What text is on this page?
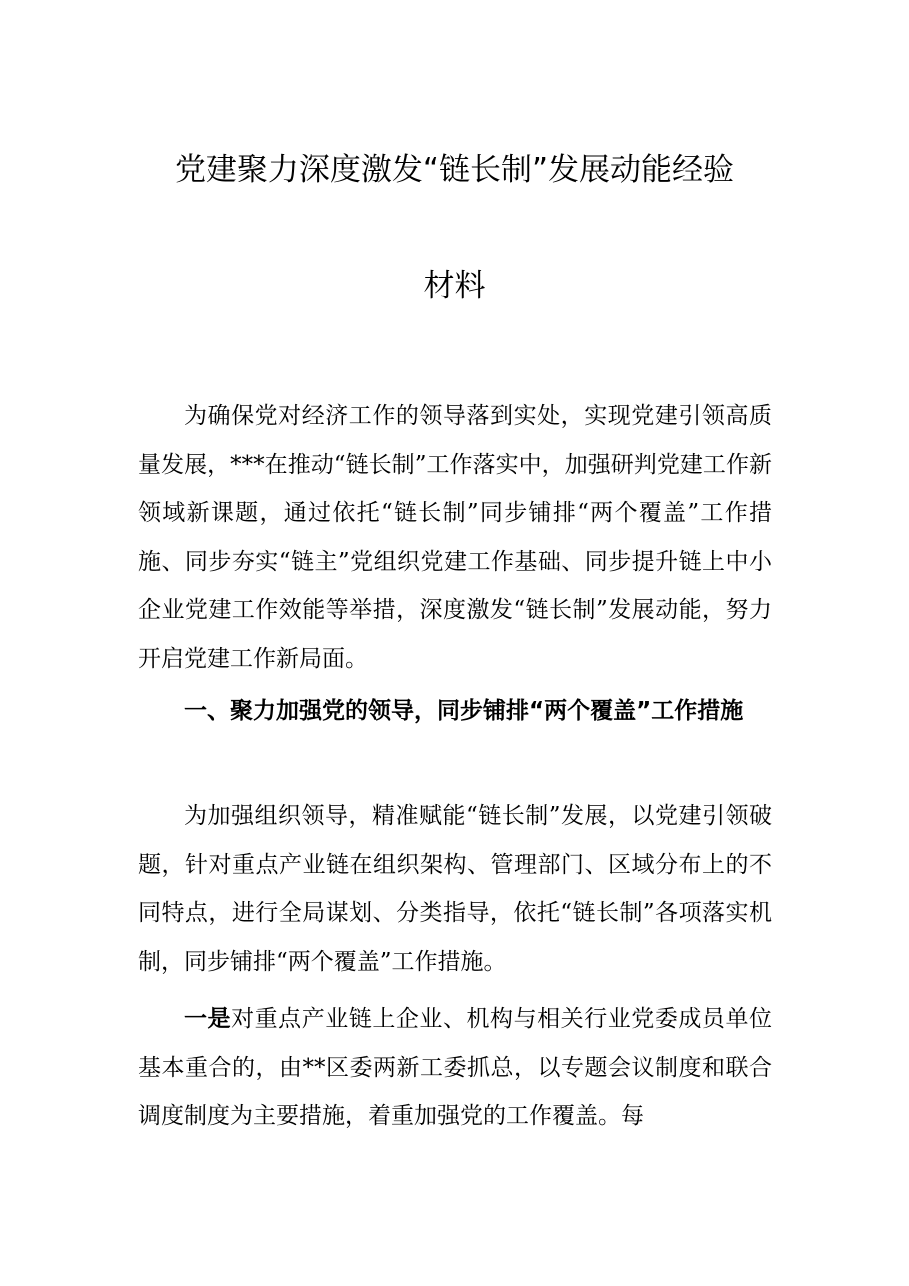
党建聚力深度激发“链长制”发展动能经验
材料

为确保党对经济工作的领导落到实处，实现党建引领高质量发展，***在推动“链长制”工作落实中，加强研判党建工作新领域新课题，通过依托“链长制”同步铺排“两个覆盖”工作措施、同步夯实“链主”党组织党建工作基础、同步提升链上中小企业党建工作效能等举措，深度激发“链长制”发展动能，努力开启党建工作新局面。

一、聚力加强党的领导，同步铺排“两个覆盖”工作措施

为加强组织领导，精准赋能“链长制”发展，以党建引领破题，针对重点产业链在组织架构、管理部门、区域分布上的不同特点，进行全局谋划、分类指导，依托“链长制”各项落实机制，同步铺排“两个覆盖”工作措施。

一是对重点产业链上企业、机构与相关行业党委成员单位基本重合的，由**区委两新工委抓总，以专题会议制度和联合调度制度为主要措施，着重加强党的工作覆盖。每
